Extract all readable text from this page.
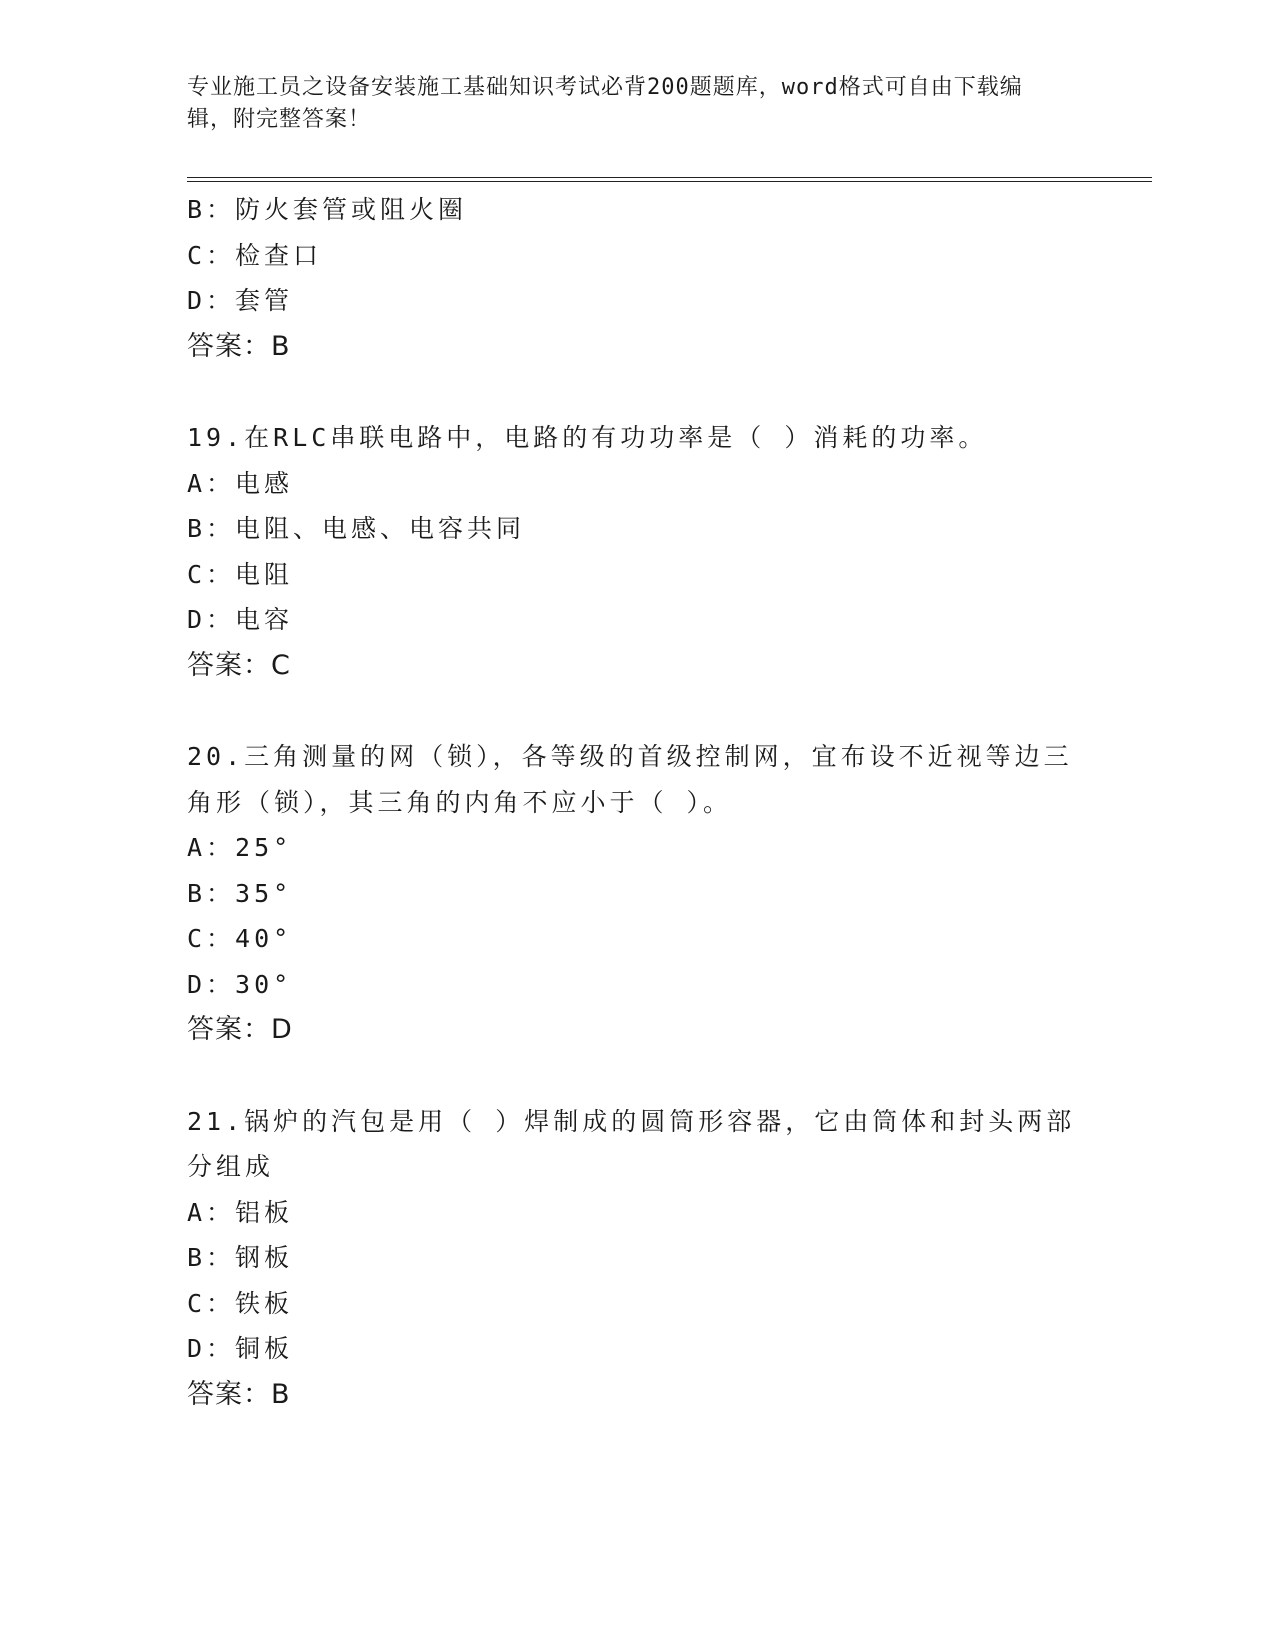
专业施工员之设备安装施工基础知识考试必背200题题库，word格式可自由下载编辑，附完整答案！
B：防火套管或阻火圈
C：检查口
D：套管
答案：B
19.在RLC串联电路中，电路的有功功率是（ ）消耗的功率。
A：电感
B：电阻、电感、电容共同
C：电阻
D：电容
答案：C
20.三角测量的网（锁），各等级的首级控制网，宜布设不近视等边三
角形（锁），其三角的内角不应小于（ ）。
A：25°
B：35°
C：40°
D：30°
答案：D
21.锅炉的汽包是用（ ）焊制成的圆筒形容器，它由筒体和封头两部
分组成
A：铝板
B：钢板
C：铁板
D：铜板
答案：B
